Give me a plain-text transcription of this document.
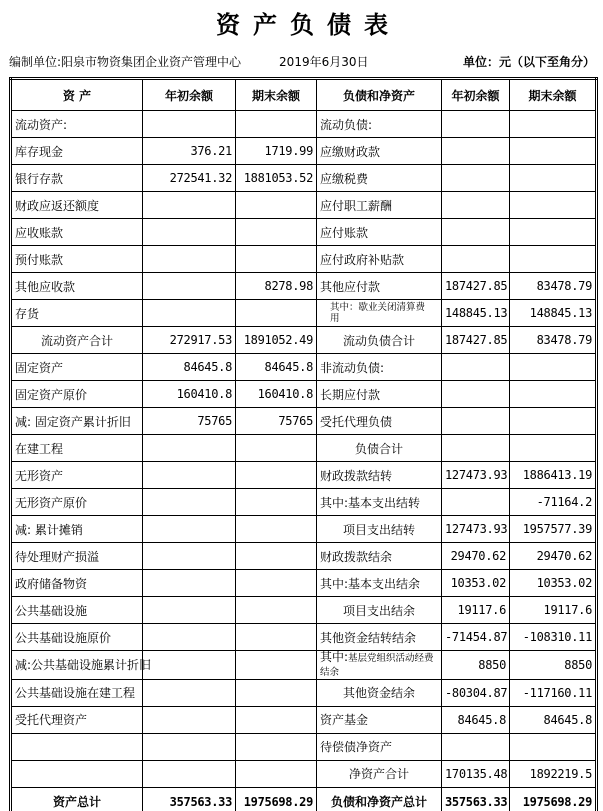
资产负债表
编制单位:阳泉市物资集团企业资产管理中心	2019年6月30日	单位：元（以下至角分）
资 产	年初余额	期末余额	负债和净资产	年初余额	期末余额
流动资产:			流动负债:		
库存现金	376.21	1719.99	应缴财政款		
银行存款	272541.32	1881053.52	应缴税费		
财政应返还额度			应付职工薪酬		
应收账款			应付账款		
预付账款			应付政府补贴款		
其他应收款		8278.98	其他应付款	187427.85	83478.79
存货			其中：歇业关闭清算费用	148845.13	148845.13
流动资产合计	272917.53	1891052.49	流动负债合计	187427.85	83478.79
固定资产	84645.8	84645.8	非流动负债:		
固定资产原价	160410.8	160410.8	长期应付款		
减: 固定资产累计折旧	75765	75765	受托代理负债		
在建工程			负债合计		
无形资产			财政拨款结转	127473.93	1886413.19
无形资产原价			其中:基本支出结转		-71164.2
减: 累计摊销			项目支出结转	127473.93	1957577.39
待处理财产损溢			财政拨款结余	29470.62	29470.62
政府储备物资			其中:基本支出结余	10353.02	10353.02
公共基础设施			项目支出结余	19117.6	19117.6
公共基础设施原价			其他资金结转结余	-71454.87	-108310.11
减:公共基础设施累计折旧			其中:基层党组织活动经费结余	8850	8850
公共基础设施在建工程			其他资金结余	-80304.87	-117160.11
受托代理资产			资产基金	84645.8	84645.8
			待偿债净资产		
			净资产合计	170135.48	1892219.5
资产总计	357563.33	1975698.29	负债和净资产总计	357563.33	1975698.29
